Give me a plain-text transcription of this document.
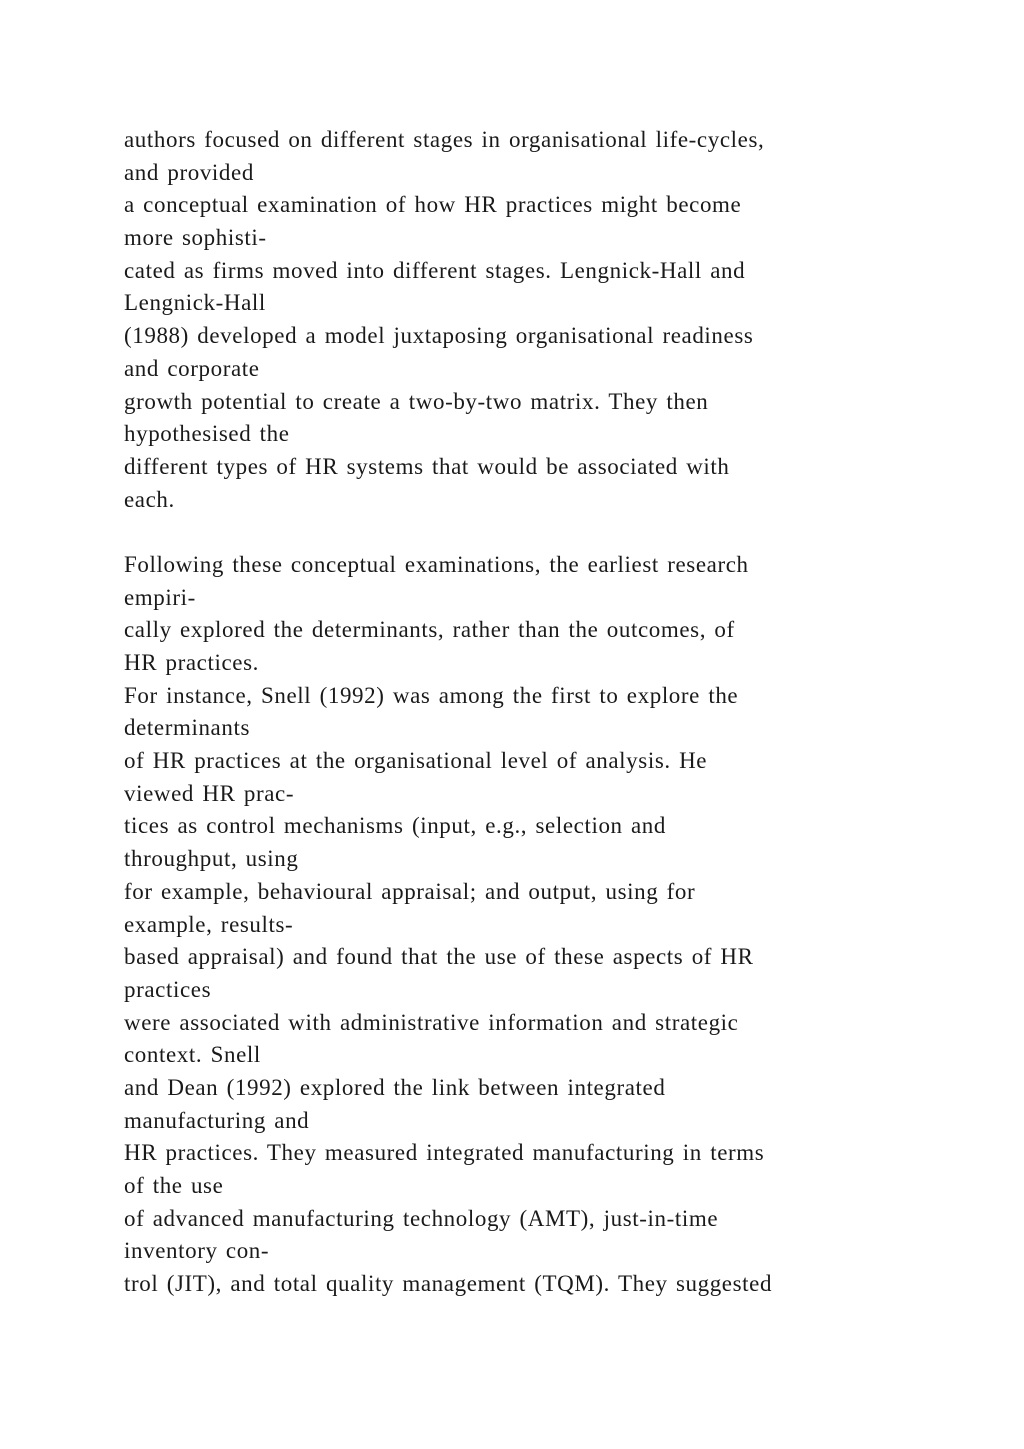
authors focused on different stages in organisational life-cycles,
and provided
a conceptual examination of how HR practices might become
more sophisti-
cated as firms moved into different stages. Lengnick-Hall and
Lengnick-Hall
(1988) developed a model juxtaposing organisational readiness
and corporate
growth potential to create a two-by-two matrix. They then
hypothesised the
different types of HR systems that would be associated with
each.
Following these conceptual examinations, the earliest research
empiri-
cally explored the determinants, rather than the outcomes, of
HR practices.
For instance, Snell (1992) was among the first to explore the
determinants
of HR practices at the organisational level of analysis. He
viewed HR prac-
tices as control mechanisms (input, e.g., selection and
throughput, using
for example, behavioural appraisal; and output, using for
example, results-
based appraisal) and found that the use of these aspects of HR
practices
were associated with administrative information and strategic
context. Snell
and Dean (1992) explored the link between integrated
manufacturing and
HR practices. They measured integrated manufacturing in terms
of the use
of advanced manufacturing technology (AMT), just-in-time
inventory con-
trol (JIT), and total quality management (TQM). They suggested
